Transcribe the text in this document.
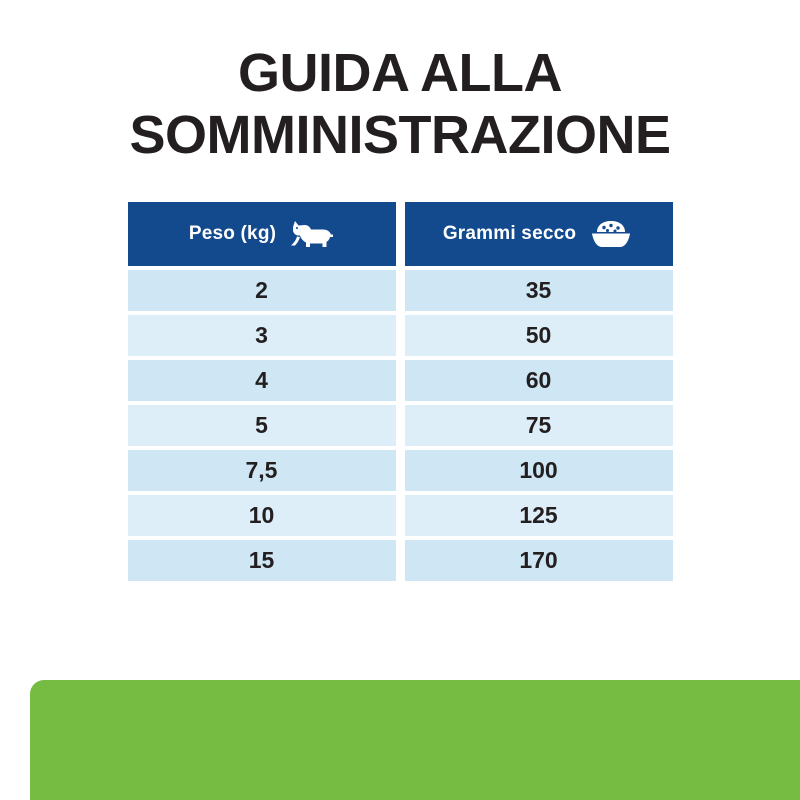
GUIDA ALLA
SOMMINISTRAZIONE
Peso (kg)	Grammi secco
2	35
3	50
4	60
5	75
7,5	100
10	125
15	170
